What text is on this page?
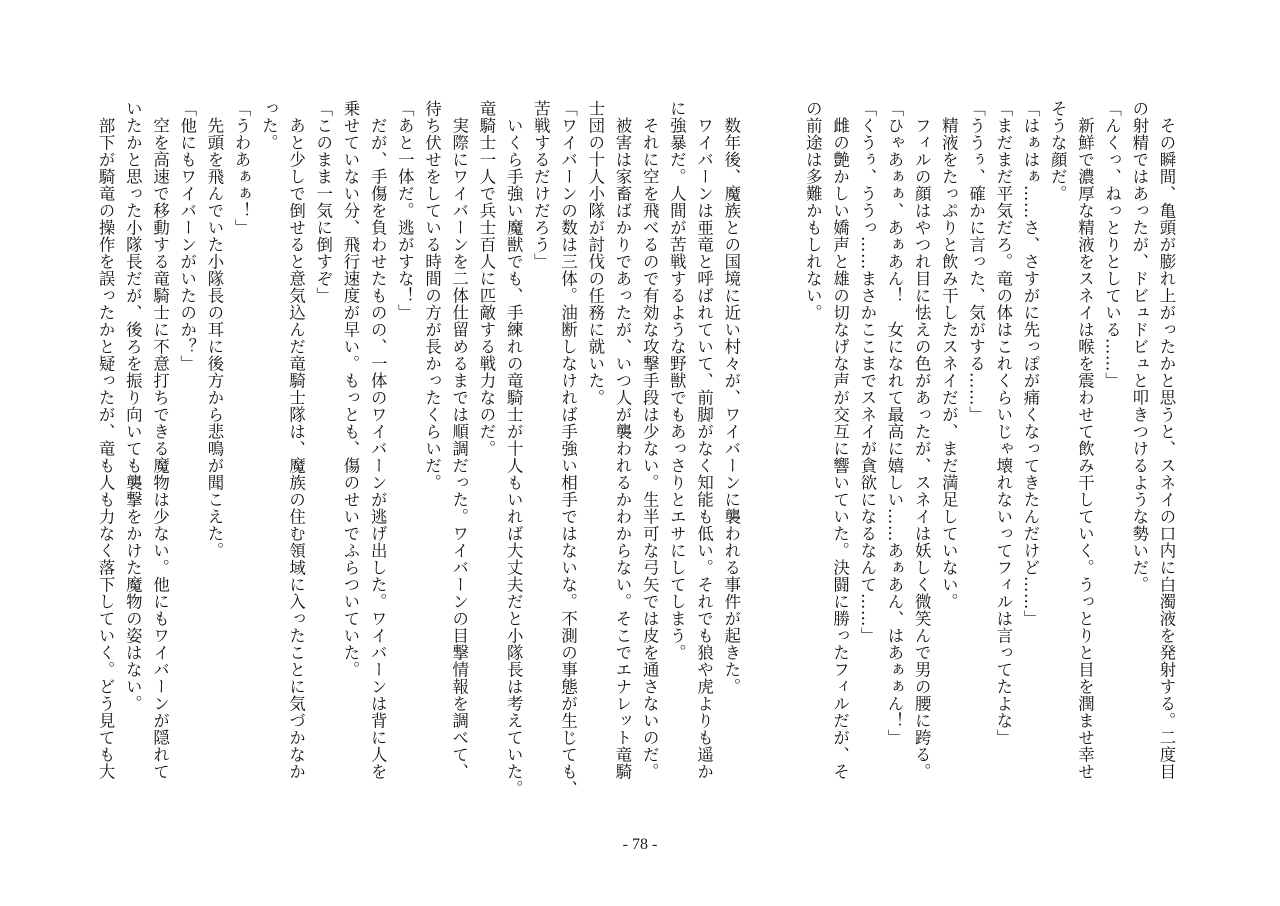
　その瞬間、亀頭が膨れ上がったかと思うと、スネイの口内に白濁液を発射する。二度目
の射精ではあったが、ドビュドビュと叩きつけるような勢いだ。
「んくっ、ねっとりとしている……」
　新鮮で濃厚な精液をスネイは喉を震わせて飲み干していく。うっとりと目を潤ませ幸せ
そうな顔だ。
「はぁはぁ……さ、さすがに先っぽが痛くなってきたんだけど……」
「まだまだ平気だろ。竜の体はこれくらいじゃ壊れないってフィルは言ってたよな」
「ううぅ、確かに言った、気がする……」
　精液をたっぷりと飲み干したスネイだが、まだ満足していない。
　フィルの顔はやつれ目に怯えの色があったが、スネイは妖しく微笑んで男の腰に跨る。
「ひゃあぁぁ、あぁあん！　女になれて最高に嬉しい……あぁあん、はあぁぁん！」
「くうぅ、ううっ……まさかここまでスネイが貪欲になるなんて……」
　雌の艶かしい嬌声と雄の切なげな声が交互に響いていた。決闘に勝ったフィルだが、そ
の前途は多難かもしれない。
　数年後、魔族との国境に近い村々が、ワイバーンに襲われる事件が起きた。
　ワイバーンは亜竜と呼ばれていて、前脚がなく知能も低い。それでも狼や虎よりも遥か
に強暴だ。人間が苦戦するような野獣でもあっさりとエサにしてしまう。
　それに空を飛べるので有効な攻撃手段は少ない。生半可な弓矢では皮を通さないのだ。
　被害は家畜ばかりであったが、いつ人が襲われるかわからない。そこでエナレット竜騎
士団の十人小隊が討伐の任務に就いた。
「ワイバーンの数は三体。油断しなければ手強い相手ではないな。不測の事態が生じても、
苦戦するだけだろう」
　いくら手強い魔獣でも、手練れの竜騎士が十人もいれば大丈夫だと小隊長は考えていた。
竜騎士一人で兵士百人に匹敵する戦力なのだ。
　実際にワイバーンを二体仕留めるまでは順調だった。ワイバーンの目撃情報を調べて、
待ち伏せをしている時間の方が長かったくらいだ。
「あと一体だ。逃がすな！」
　だが、手傷を負わせたものの、一体のワイバーンが逃げ出した。ワイバーンは背に人を
乗せていない分、飛行速度が早い。もっとも、傷のせいでふらついていた。
「このまま一気に倒すぞ」
　あと少しで倒せると意気込んだ竜騎士隊は、魔族の住む領域に入ったことに気づかなか
った。
「うわあぁぁ！」
　先頭を飛んでいた小隊長の耳に後方から悲鳴が聞こえた。
「他にもワイバーンがいたのか？」
　空を高速で移動する竜騎士に不意打ちできる魔物は少ない。他にもワイバーンが隠れて
いたかと思った小隊長だが、後ろを振り向いても襲撃をかけた魔物の姿はない。
　部下が騎竜の操作を誤ったかと疑ったが、竜も人も力なく落下していく。どう見ても大
- 78 -
